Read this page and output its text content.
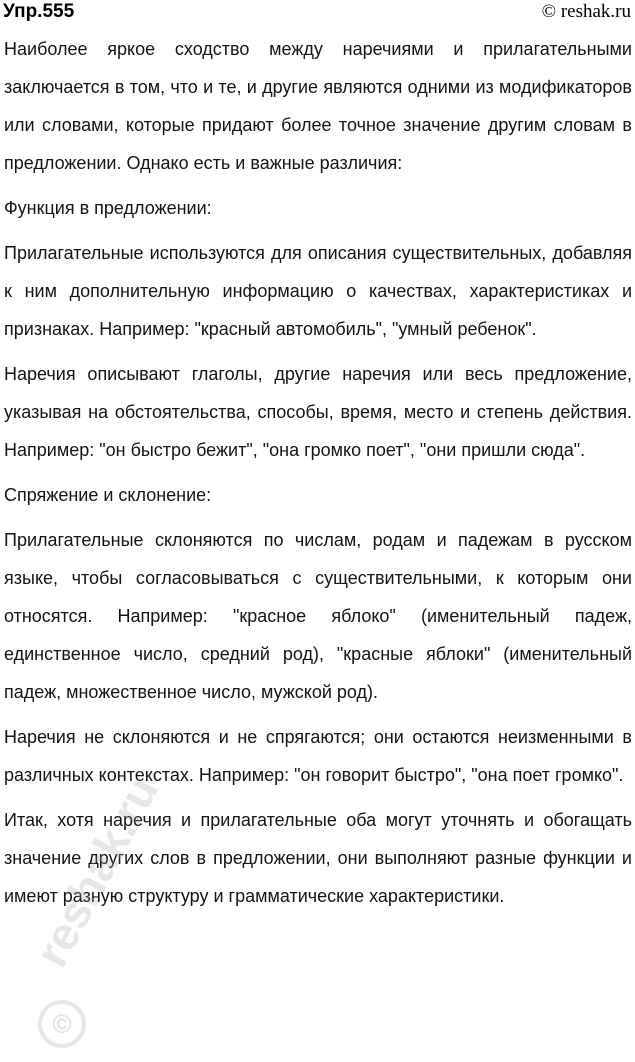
Упр.555	© reshak.ru

Наиболее яркое сходство между наречиями и прилагательными заключается в том, что и те, и другие являются одними из модификаторов или словами, которые придают более точное значение другим словам в предложении. Однако есть и важные различия:

Функция в предложении:

Прилагательные используются для описания существительных, добавляя к ним дополнительную информацию о качествах, характеристиках и признаках. Например: "красный автомобиль", "умный ребенок".

Наречия описывают глаголы, другие наречия или весь предложение, указывая на обстоятельства, способы, время, место и степень действия. Например: "он быстро бежит", "она громко поет", "они пришли сюда".

Спряжение и склонение:

Прилагательные склоняются по числам, родам и падежам в русском языке, чтобы согласовываться с существительными, к которым они относятся. Например: "красное яблоко" (именительный падеж, единственное число, средний род), "красные яблоки" (именительный падеж, множественное число, мужской род).

Наречия не склоняются и не спрягаются; они остаются неизменными в различных контекстах. Например: "он говорит быстро", "она поет громко".

Итак, хотя наречия и прилагательные оба могут уточнять и обогащать значение других слов в предложении, они выполняют разные функции и имеют разную структуру и грамматические характеристики.

reshak.ru
©
